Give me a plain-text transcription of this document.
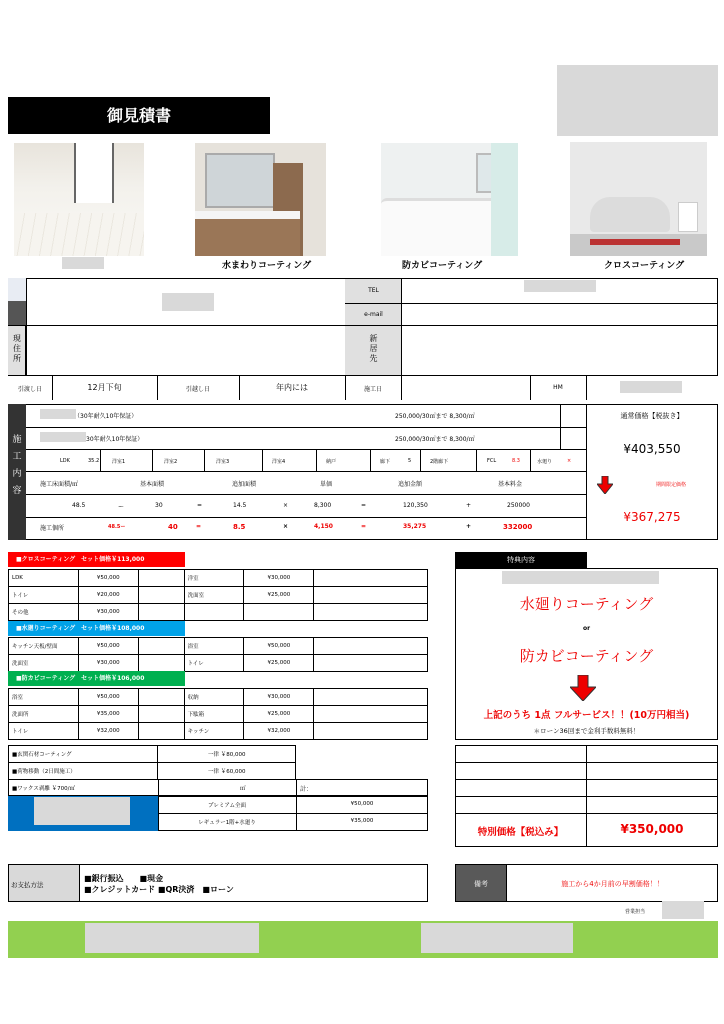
御見積書
水まわりコーティング	防カビコーティング	クロスコーティング
現
住
所
TEL
e-mail
新
居
先
引渡し日	12月下旬	引越し日	年内には	施工日	HM
施
工
内
容
（30年耐久10年保証）	250,000/30㎡まで 8,300/㎡
30年耐久10年保証）	250,000/30㎡まで 8,300/㎡
LDK	35.2	洋室1	洋室2	洋室3	洋室4	納戸	廊下	5	2階廊下	FCL	8.3	水廻り	×
施工床面積/㎡	基本面積	追加面積	単価	追加金額	基本料金
48.5	ー	30	=	14.5	×	8,300	=	120,350	+	250000
施工個所	48.5ー	40	=	8.5	×	4,150	=	35,275	+	332000
通常価格【税抜き】
¥403,550
期間限定価格
¥367,275
■クロスコーティング　セット価格￥113,000
LDK	¥50,000		洋室	¥30,000	
トイレ	¥20,000		洗面室	¥25,000	
その他	¥30,000				
■水廻りコーティング　セット価格￥108,000
キッチン天板/壁面	¥50,000		浴室	¥50,000	
洗面室	¥30,000		トイレ	¥25,000	
■防カビコーティング　セット価格￥106,000
浴室	¥50,000		収納	¥30,000	
洗面所	¥35,000		下駄箱	¥25,000	
トイレ	¥32,000		キッチン	¥32,000	
■玄関石材コーティング	一律 ￥80,000
■荷物移動（2日間施工）	一律 ￥60,000
■ワックス剥離 ￥700/㎡	㎡	計：
プレミアム全面	¥50,000
レギュラー1階+水廻り	¥35,000
特典内容
水廻りコーティング
or
防カビコーティング
上記のうち 1点 フルサービス！！(10万円相当)
＊ローン36回まで金利手数料無料！
特別価格【税込み】	¥350,000
お支払方法
■銀行振込　　■現金
■クレジットカード ■QR決済　■ローン
備考	施工から4か月前の早割価格！！
営業担当
